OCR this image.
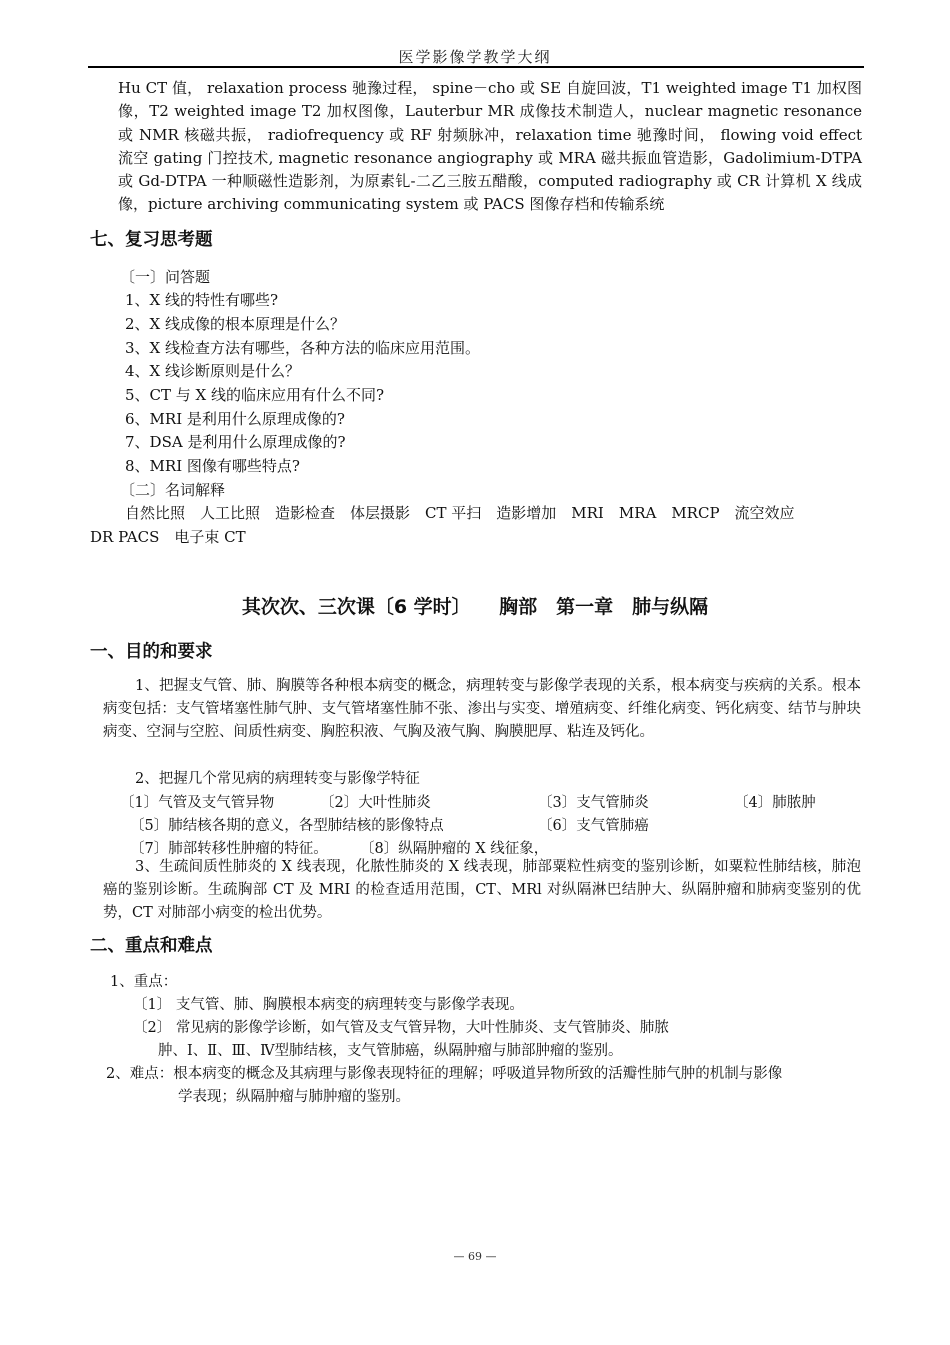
医学影像学教学大纲
Hu CT 值， relaxation process 驰豫过程， spine－cho 或 SE 自旋回波，T1 weighted image T1 加权图像，T2 weighted image T2 加权图像，Lauterbur MR 成像技术制造人，nuclear magnetic resonance 或 NMR 核磁共振， radiofrequency 或 RF 射频脉冲，relaxation time 驰豫时间， flowing void effect 流空 gating 门控技术, magnetic resonance angiography 或 MRA 磁共振血管造影，Gadolimium-DTPA 或 Gd-DTPA 一种顺磁性造影剂，为原素钆-二乙三胺五醋酸，computed radiography 或 CR 计算机 X 线成像，picture archiving communicating system 或 PACS 图像存档和传输系统
七、复习思考题
〔一〕问答题
1、X 线的特性有哪些?
2、X 线成像的根本原理是什么？
3、X 线检查方法有哪些，各种方法的临床应用范围。
4、X 线诊断原则是什么？
5、CT 与 X 线的临床应用有什么不同?
6、MRI 是利用什么原理成像的?
7、DSA 是利用什么原理成像的?
8、MRI 图像有哪些特点?
〔二〕名词解释
自然比照　人工比照　造影检查　体层摄影　CT 平扫　造影增加　MRI　MRA　MRCP　流空效应
DR PACS　电子束 CT
其次次、三次课〔6 学时〕　　胸部　第一章　肺与纵隔
一、目的和要求
1、把握支气管、肺、胸膜等各种根本病变的概念，病理转变与影像学表现的关系，根本病变与疾病的关系。根本病变包括：支气管堵塞性肺气肿、支气管堵塞性肺不张、渗出与实变、增殖病变、纤维化病变、钙化病变、结节与肿块病变、空洞与空腔、间质性病变、胸腔积液、气胸及液气胸、胸膜肥厚、粘连及钙化。
2、把握几个常见病的病理转变与影像学特征
〔1〕气管及支气管异物	〔2〕大叶性肺炎	〔3〕支气管肺炎	〔4〕肺脓肿
〔5〕肺结核各期的意义，各型肺结核的影像特点	〔6〕支气管肺癌
〔7〕肺部转移性肿瘤的特征。 〔8〕纵隔肿瘤的 X 线征象，
3、生疏间质性肺炎的 X 线表现，化脓性肺炎的 X 线表现，肺部粟粒性病变的鉴别诊断，如粟粒性肺结核，肺泡癌的鉴别诊断。生疏胸部 CT 及 MRI 的检查适用范围，CT、MRl 对纵隔淋巴结肿大、纵隔肿瘤和肺病变鉴别的优势，CT 对肺部小病变的检出优势。
二、重点和难点
1、重点：
〔1〕 支气管、肺、胸膜根本病变的病理转变与影像学表现。
〔2〕 常见病的影像学诊断，如气管及支气管异物，大叶性肺炎、支气管肺炎、肺脓
肿、Ⅰ、Ⅱ、Ⅲ、Ⅳ型肺结核，支气管肺癌，纵隔肿瘤与肺部肿瘤的鉴别。
2、难点：根本病变的概念及其病理与影像表现特征的理解；呼吸道异物所致的活瓣性肺气肿的机制与影像
学表现；纵隔肿瘤与肺肿瘤的鉴别。
— 69 —
